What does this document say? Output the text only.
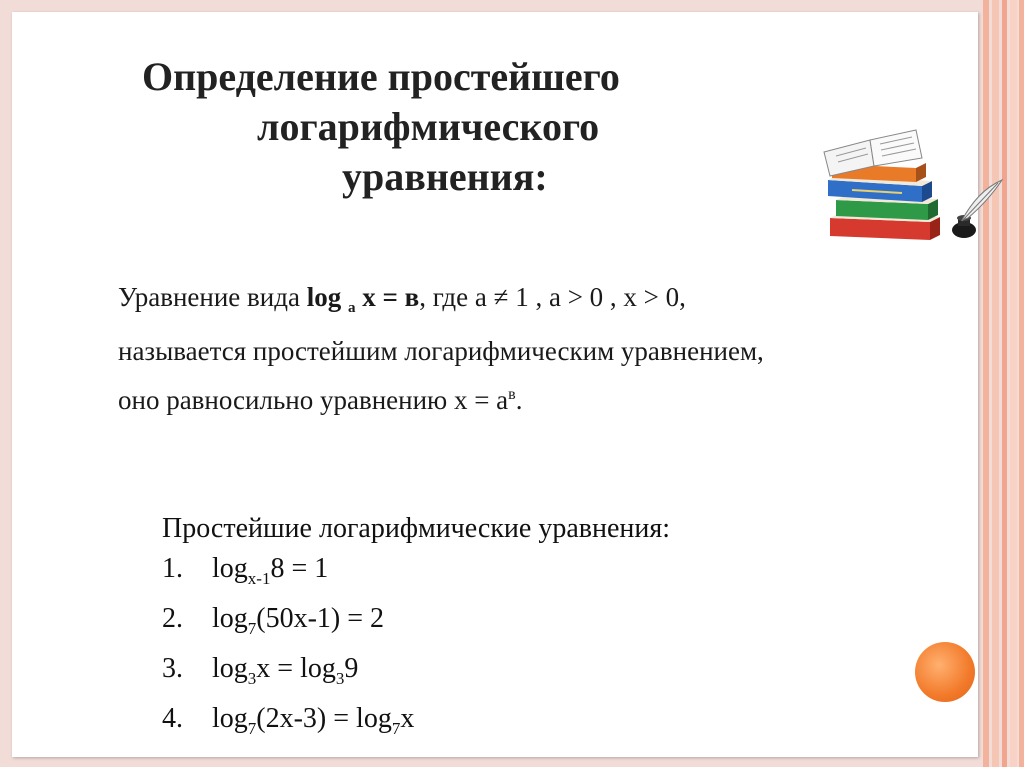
Определение простейшего
логарифмического
уравнения:
Уравнение вида log $_а$ х = в, где а ≠ 1 , а > 0 , х > 0,
называется простейшим логарифмическим уравнением,
оно равносильно уравнению $х = а^в$.
Простейшие логарифмические уравнения:
1. $\log_{х-1}8 = 1$
2. $\log_7(50х-1) = 2$
3. $\log_3х = \log_39$
4. $\log_7(2х-3) = \log_7х$
